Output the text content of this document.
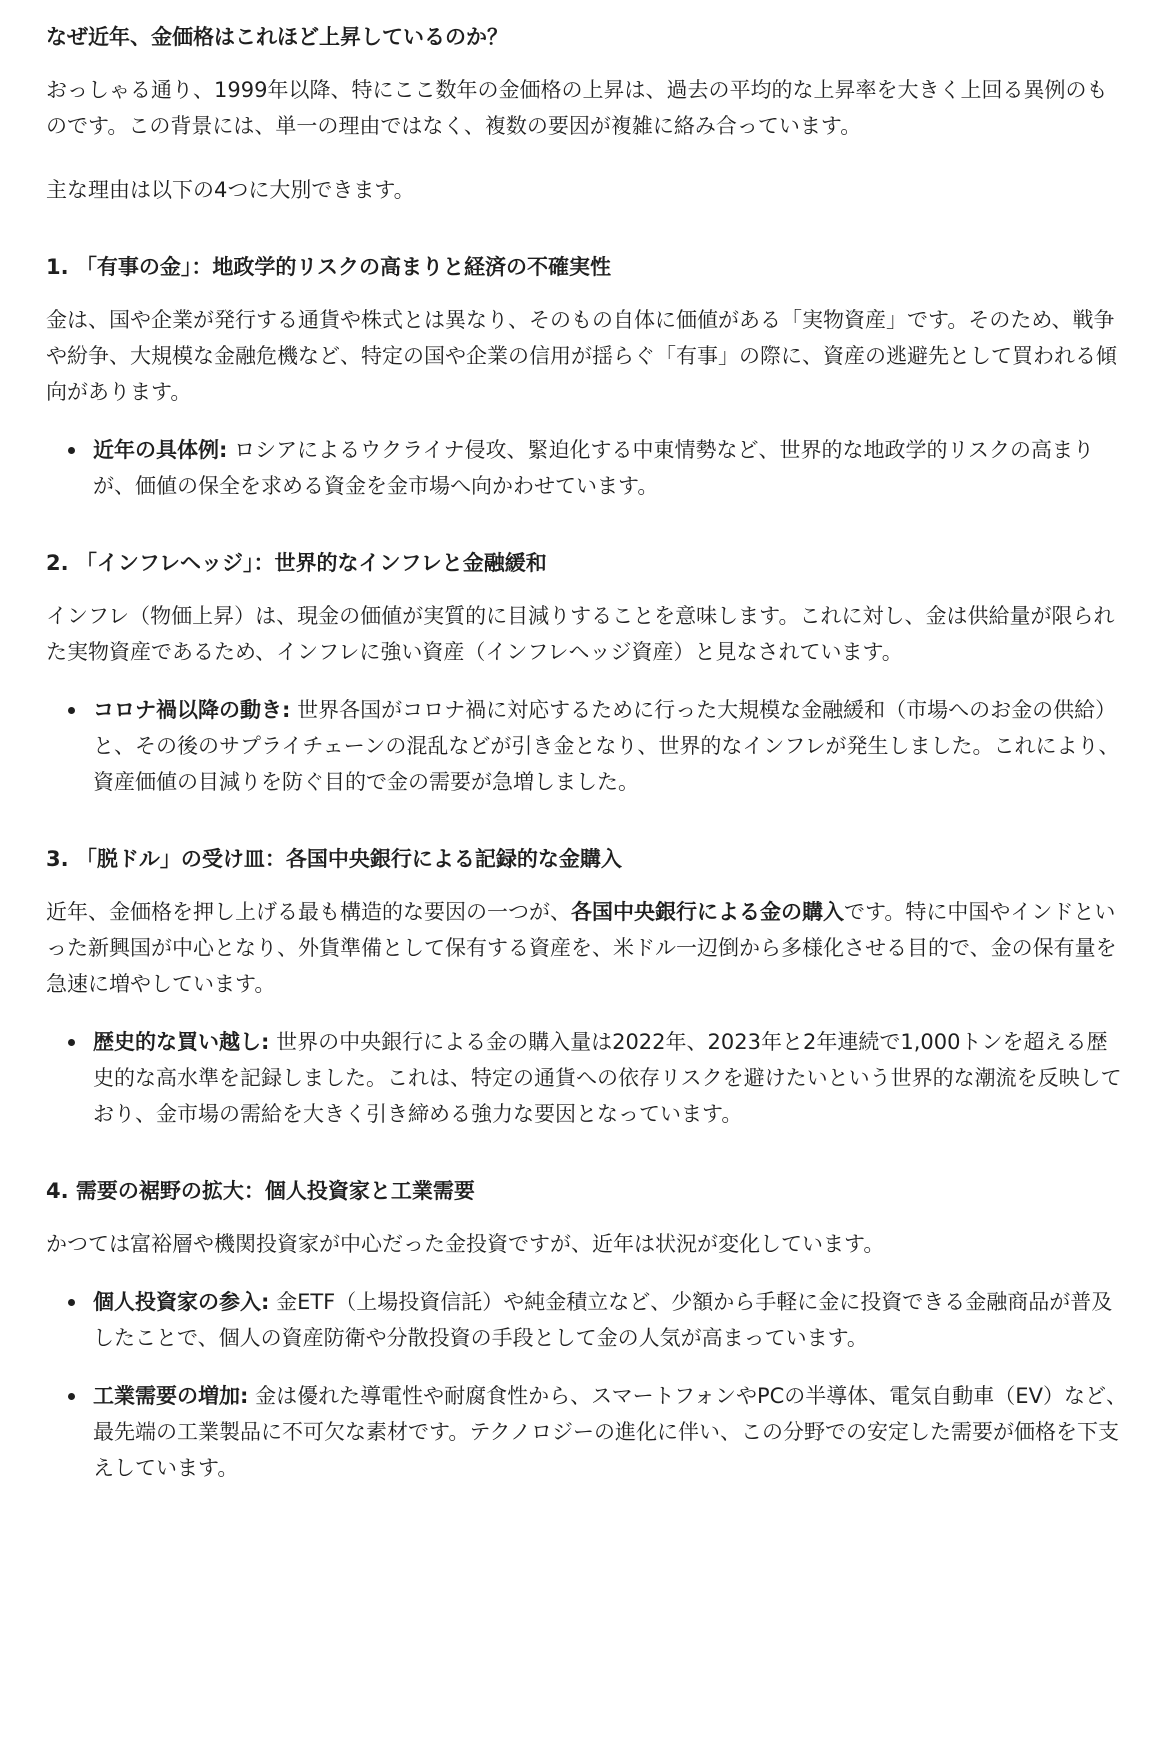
なぜ近年、金価格はこれほど上昇しているのか？

おっしゃる通り、1999年以降、特にここ数年の金価格の上昇は、過去の平均的な上昇率を大きく上回る異例のものです。この背景には、単一の理由ではなく、複数の要因が複雑に絡み合っています。

主な理由は以下の4つに大別できます。

1. 「有事の金」：地政学的リスクの高まりと経済の不確実性

金は、国や企業が発行する通貨や株式とは異なり、そのもの自体に価値がある「実物資産」です。そのため、戦争や紛争、大規模な金融危機など、特定の国や企業の信用が揺らぐ「有事」の際に、資産の逃避先として買われる傾向があります。

近年の具体例: ロシアによるウクライナ侵攻、緊迫化する中東情勢など、世界的な地政学的リスクの高まりが、価値の保全を求める資金を金市場へ向かわせています。
2. 「インフレヘッジ」：世界的なインフレと金融緩和

インフレ（物価上昇）は、現金の価値が実質的に目減りすることを意味します。これに対し、金は供給量が限られた実物資産であるため、インフレに強い資産（インフレヘッジ資産）と見なされています。

コロナ禍以降の動き: 世界各国がコロナ禍に対応するために行った大規模な金融緩和（市場へのお金の供給）と、その後のサプライチェーンの混乱などが引き金となり、世界的なインフレが発生しました。これにより、資産価値の目減りを防ぐ目的で金の需要が急増しました。
3. 「脱ドル」の受け皿：各国中央銀行による記録的な金購入

近年、金価格を押し上げる最も構造的な要因の一つが、各国中央銀行による金の購入です。特に中国やインドといった新興国が中心となり、外貨準備として保有する資産を、米ドル一辺倒から多様化させる目的で、金の保有量を急速に増やしています。

歴史的な買い越し: 世界の中央銀行による金の購入量は2022年、2023年と2年連続で1,000トンを超える歴史的な高水準を記録しました。これは、特定の通貨への依存リスクを避けたいという世界的な潮流を反映しており、金市場の需給を大きく引き締める強力な要因となっています。
4. 需要の裾野の拡大：個人投資家と工業需要

かつては富裕層や機関投資家が中心だった金投資ですが、近年は状況が変化しています。

個人投資家の参入: 金ETF（上場投資信託）や純金積立など、少額から手軽に金に投資できる金融商品が普及したことで、個人の資産防衛や分散投資の手段として金の人気が高まっています。
工業需要の増加: 金は優れた導電性や耐腐食性から、スマートフォンやPCの半導体、電気自動車（EV）など、最先端の工業製品に不可欠な素材です。テクノロジーの進化に伴い、この分野での安定した需要が価格を下支えしています。
